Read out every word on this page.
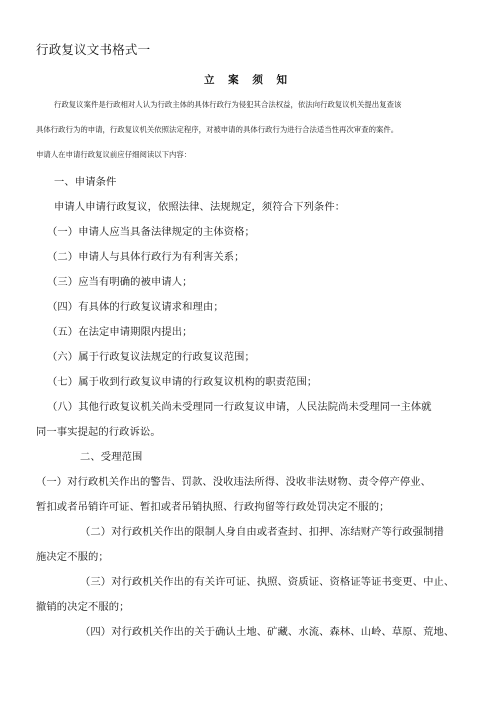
行政复议文书格式一
立 案 须 知
行政复议案件是行政相对人认为行政主体的具体行政行为侵犯其合法权益，依法向行政复议机关提出复查该
具体行政行为的申请，行政复议机关依照法定程序，对被申请的具体行政行为进行合法适当性再次审查的案件。
申请人在申请行政复议前应仔细阅读以下内容：
一、申请条件
申请人申请行政复议，依照法律、法规规定，须符合下列条件：
（一）申请人应当具备法律规定的主体资格；
（二）申请人与具体行政行为有利害关系；
（三）应当有明确的被申请人；
（四）有具体的行政复议请求和理由；
（五）在法定申请期限内提出；
（六）属于行政复议法规定的行政复议范围；
（七）属于收到行政复议申请的行政复议机构的职责范围；
（八）其他行政复议机关尚未受理同一行政复议申请，人民法院尚未受理同一主体就
同一事实提起的行政诉讼。
二、受理范围
（一）对行政机关作出的警告、罚款、没收违法所得、没收非法财物、责令停产停业、
暂扣或者吊销许可证、暂扣或者吊销执照、行政拘留等行政处罚决定不服的；
（二）对行政机关作出的限制人身自由或者查封、扣押、冻结财产等行政强制措
施决定不服的；
（三）对行政机关作出的有关许可证、执照、资质证、资格证等证书变更、中止、
撤销的决定不服的；
（四）对行政机关作出的关于确认土地、矿藏、水流、森林、山岭、草原、荒地、
